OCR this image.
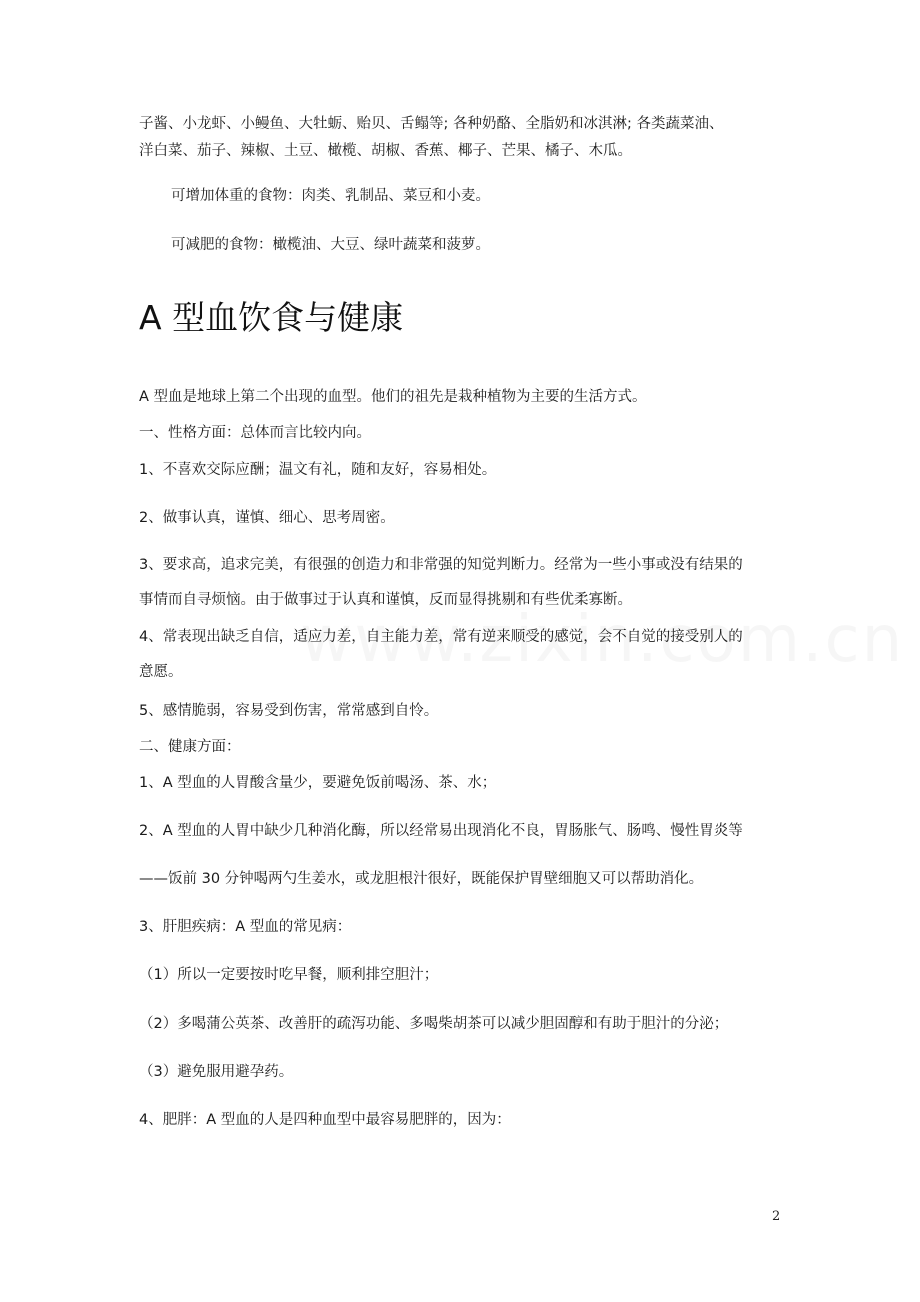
子酱、小龙虾、小鳗鱼、大牡蛎、贻贝、舌鳎等; 各种奶酪、全脂奶和冰淇淋; 各类蔬菜油、
洋白菜、茄子、辣椒、土豆、橄榄、胡椒、香蕉、椰子、芒果、橘子、木瓜。
可增加体重的食物：肉类、乳制品、菜豆和小麦。
可减肥的食物：橄榄油、大豆、绿叶蔬菜和菠萝。
A 型血饮食与健康
A 型血是地球上第二个出现的血型。他们的祖先是栽种植物为主要的生活方式。
一、性格方面：总体而言比较内向。
1、不喜欢交际应酬；温文有礼，随和友好，容易相处。
2、做事认真，谨慎、细心、思考周密。
3、要求高，追求完美，有很强的创造力和非常强的知觉判断力。经常为一些小事或没有结果的
事情而自寻烦恼。由于做事过于认真和谨慎，反而显得挑剔和有些优柔寡断。
4、常表现出缺乏自信，适应力差，自主能力差，常有逆来顺受的感觉，会不自觉的接受别人的
意愿。
5、感情脆弱，容易受到伤害，常常感到自怜。
二、健康方面：
1、A 型血的人胃酸含量少，要避免饭前喝汤、茶、水；
2、A 型血的人胃中缺少几种消化酶，所以经常易出现消化不良，胃肠胀气、肠鸣、慢性胃炎等
——饭前 30 分钟喝两勺生姜水，或龙胆根汁很好，既能保护胃壁细胞又可以帮助消化。
3、肝胆疾病：A 型血的常见病：
（1）所以一定要按时吃早餐，顺利排空胆汁；
（2）多喝蒲公英茶、改善肝的疏泻功能、多喝柴胡茶可以减少胆固醇和有助于胆汁的分泌；
（3）避免服用避孕药。
4、肥胖：A 型血的人是四种血型中最容易肥胖的，因为：
2
